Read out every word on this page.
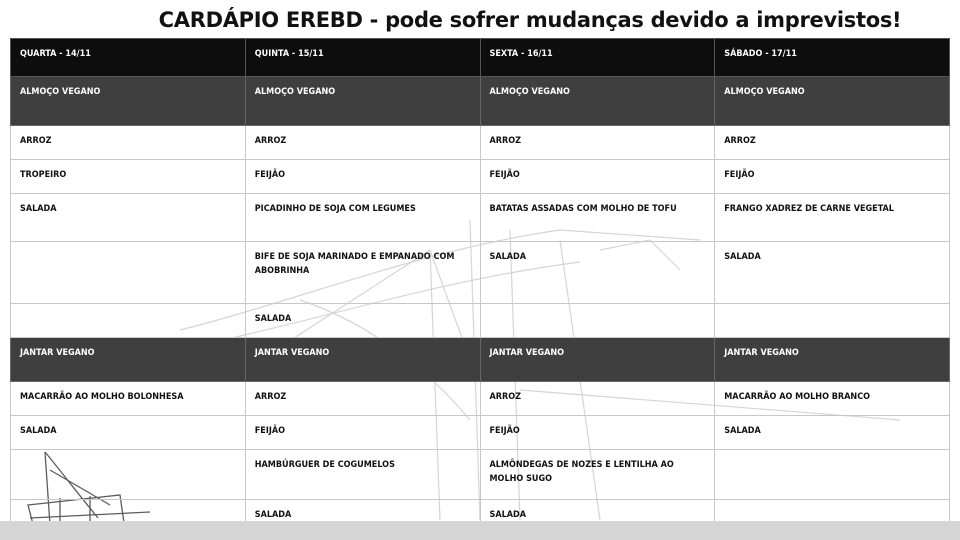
CARDÁPIO EREBD - pode sofrer mudanças devido a imprevistos!
QUARTA - 14/11	QUINTA - 15/11	SEXTA - 16/11	SÁBADO - 17/11
ALMOÇO VEGANO	ALMOÇO VEGANO	ALMOÇO VEGANO	ALMOÇO VEGANO
ARROZ	ARROZ	ARROZ	ARROZ
TROPEIRO	FEIJÃO	FEIJÃO	FEIJÃO
SALADA	PICADINHO DE SOJA COM LEGUMES	BATATAS ASSADAS COM MOLHO DE TOFU	FRANGO XADREZ DE CARNE VEGETAL
	BIFE DE SOJA MARINADO E EMPANADO COM ABOBRINHA	SALADA	SALADA
	SALADA		
JANTAR VEGANO	JANTAR VEGANO	JANTAR VEGANO	JANTAR VEGANO
MACARRÃO AO MOLHO BOLONHESA	ARROZ	ARROZ	MACARRÃO AO MOLHO BRANCO
SALADA	FEIJÃO	FEIJÃO	SALADA
	HAMBÚRGUER DE COGUMELOS	ALMÔNDEGAS DE NOZES E LENTILHA AO MOLHO SUGO	
	SALADA	SALADA	
